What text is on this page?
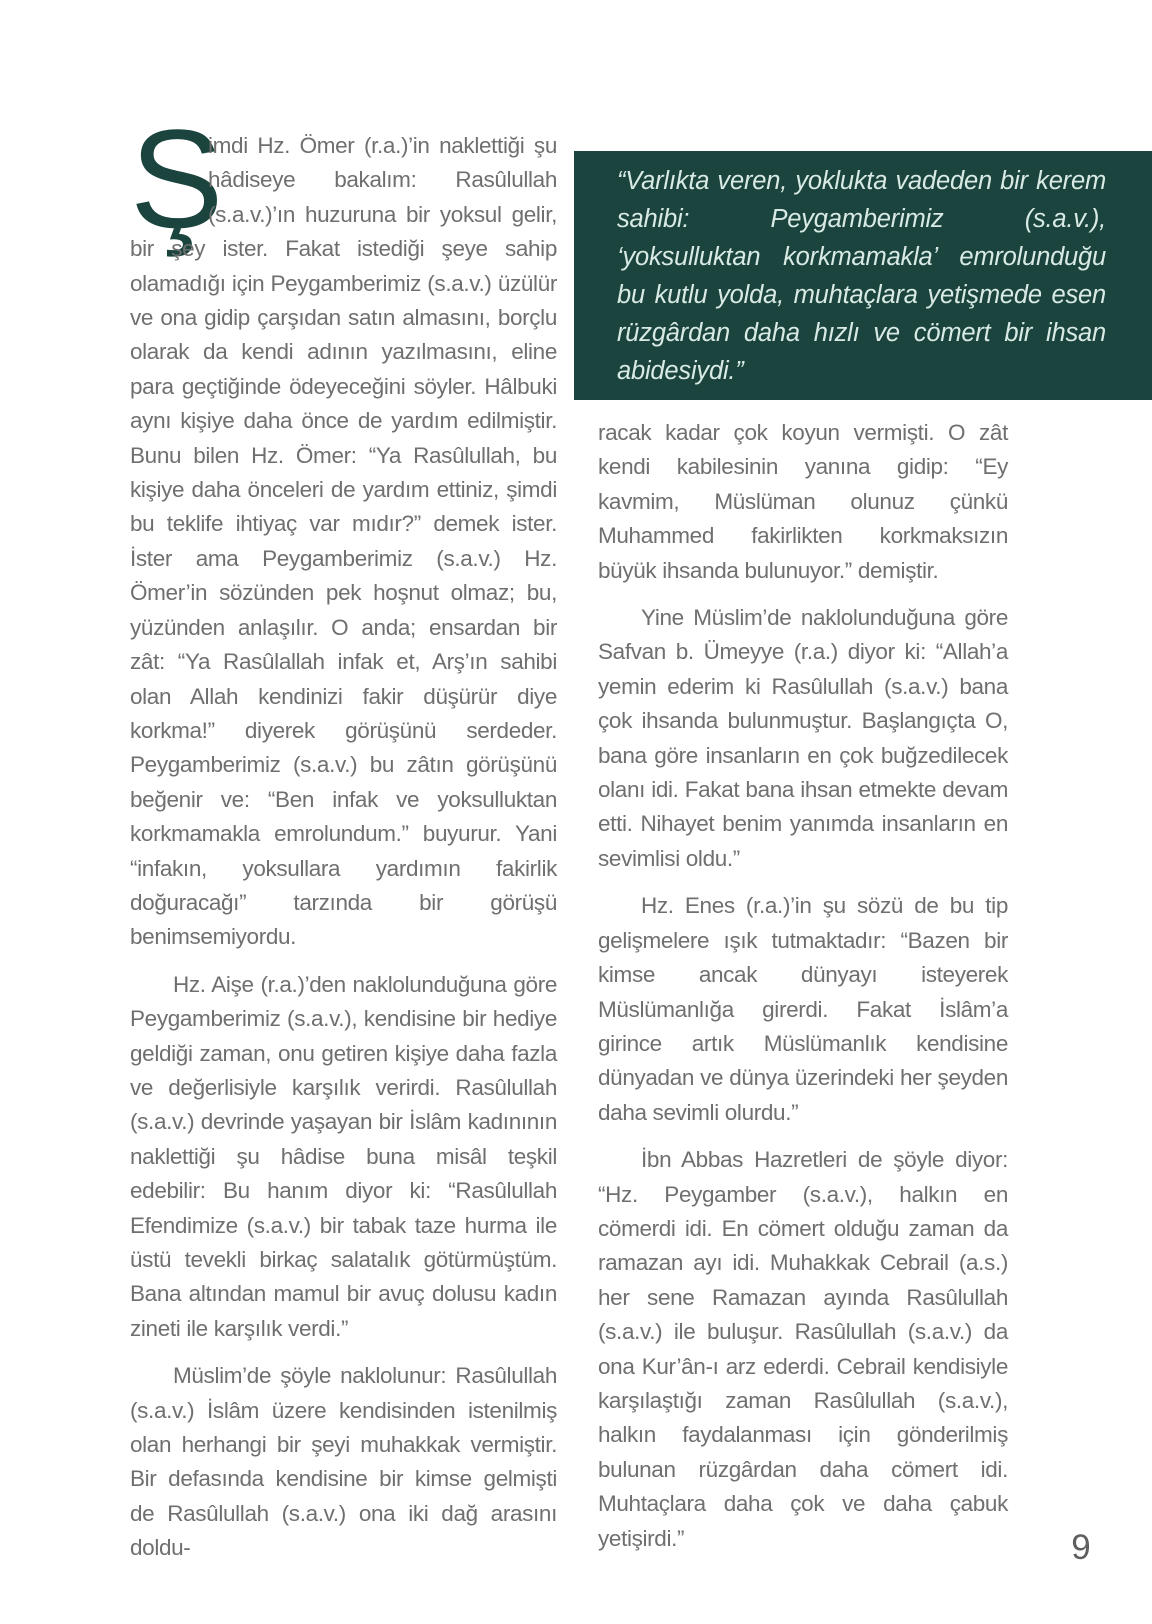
“Varlıkta veren, yoklukta vadeden bir kerem sahibi: Peygamberimiz (s.a.v.), ‘yoksulluktan korkmamakla’ emrolunduğu bu kutlu yolda, muhtaçlara yetişmede esen rüzgârdan daha hızlı ve cömert bir ihsan abidesiydi.”

Ş
imdi Hz. Ömer (r.a.)’in naklettiği şu hâdiseye bakalım: Rasûlullah (s.a.v.)’ın huzuruna bir yoksul gelir, bir şey ister. Fakat istediği şeye sahip olamadığı için Peygamberimiz (s.a.v.) üzülür ve ona gidip çarşıdan satın almasını, borçlu olarak da kendi adının yazılmasını, eline para geçtiğinde ödeyeceğini söyler. Hâlbuki aynı kişiye daha önce de yardım edilmiştir. Bunu bilen Hz. Ömer: “Ya Rasûlullah, bu kişiye daha önceleri de yardım ettiniz, şimdi bu teklife ihtiyaç var mıdır?” demek ister. İster ama Peygamberimiz (s.a.v.) Hz. Ömer’in sözünden pek hoşnut olmaz; bu, yüzünden anlaşılır. O anda; ensardan bir zât: “Ya Rasûlallah infak et, Arş’ın sahibi olan Allah kendinizi fakir düşürür diye korkma!” diyerek görüşünü serdeder. Peygamberimiz (s.a.v.) bu zâtın görüşünü beğenir ve: “Ben infak ve yoksulluktan korkmamakla emrolundum.” buyurur. Yani “infakın, yoksullara yardımın fakirlik doğuracağı” tarzında bir görüşü benimsemiyordu.

Hz. Aişe (r.a.)’den naklolunduğuna göre Peygamberimiz (s.a.v.), kendisine bir hediye geldiği zaman, onu getiren kişiye daha fazla ve değerlisiyle karşılık verirdi. Rasûlullah (s.a.v.) devrinde yaşayan bir İslâm kadınının naklettiği şu hâdise buna misâl teşkil edebilir: Bu hanım diyor ki: “Rasûlullah Efendimize (s.a.v.) bir tabak taze hurma ile üstü tevekli birkaç salatalık götürmüştüm. Bana altından mamul bir avuç dolusu kadın zineti ile karşılık verdi.”

Müslim’de şöyle naklolunur: Rasûlullah (s.a.v.) İslâm üzere kendisinden istenilmiş olan herhangi bir şeyi muhakkak vermiştir. Bir defasında kendisine bir kimse gelmişti de Rasûlullah (s.a.v.) ona iki dağ arasını doldu-

racak kadar çok koyun vermişti. O zât kendi kabilesinin yanına gidip: “Ey kavmim, Müslüman olunuz çünkü Muhammed fakirlikten korkmaksızın büyük ihsanda bulunuyor.” demiştir.

Yine Müslim’de naklolunduğuna göre Safvan b. Ümeyye (r.a.) diyor ki: “Allah’a yemin ederim ki Rasûlullah (s.a.v.) bana çok ihsanda bulunmuştur. Başlangıçta O, bana göre insanların en çok buğzedilecek olanı idi. Fakat bana ihsan etmekte devam etti. Nihayet benim yanımda insanların en sevimlisi oldu.”

Hz. Enes (r.a.)’in şu sözü de bu tip gelişmelere ışık tutmaktadır: “Bazen bir kimse ancak dünyayı isteyerek Müslümanlığa girerdi. Fakat İslâm’a girince artık Müslümanlık kendisine dünyadan ve dünya üzerindeki her şeyden daha sevimli olurdu.”

İbn Abbas Hazretleri de şöyle diyor: “Hz. Peygamber (s.a.v.), halkın en cömerdi idi. En cömert olduğu zaman da ramazan ayı idi. Muhakkak Cebrail (a.s.) her sene Ramazan ayında Rasûlullah (s.a.v.) ile buluşur. Rasûlullah (s.a.v.) da ona Kur’ân-ı arz ederdi. Cebrail kendisiyle karşılaştığı zaman Rasûlullah (s.a.v.), halkın faydalanması için gönderilmiş bulunan rüzgârdan daha cömert idi. Muhtaçlara daha çok ve daha çabuk yetişirdi.”	9
